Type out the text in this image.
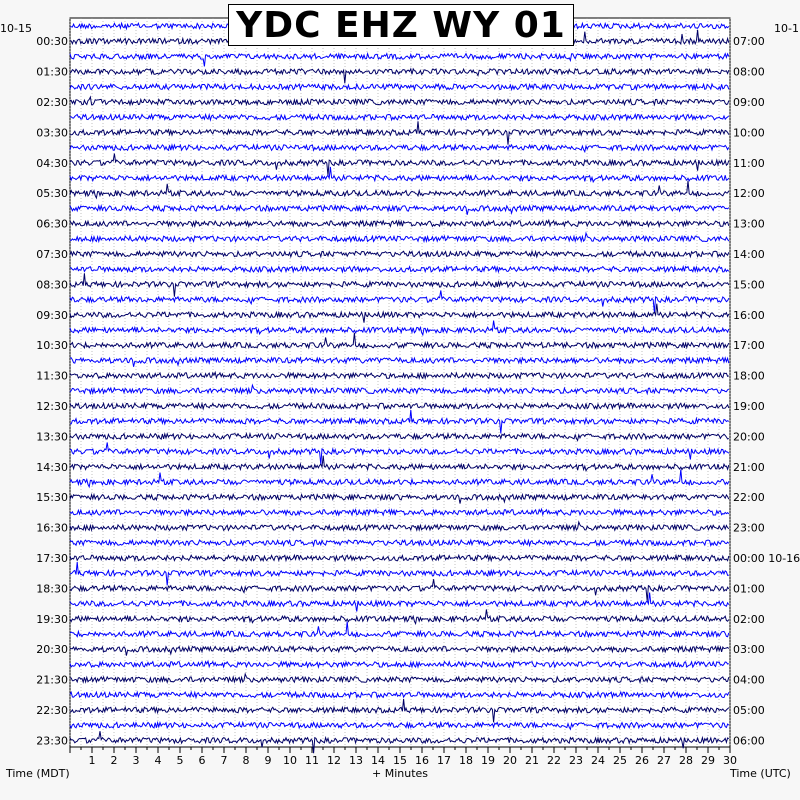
1 2 3 4 5 6 7 8 9 10 11 12 13 14 15 16 17 18 19 20 21 22 23 24 25 26 27 28 29 30
00:30
01:30
02:30
03:30
04:30
05:30
06:30
07:30
08:30
09:30
10:30
11:30
12:30
13:30
14:30
15:30
16:30
17:30
18:30
19:30
20:30
21:30
22:30
23:30
07:00
08:00
09:00
10:00
11:00
12:00
13:00
14:00
15:00
16:00
17:00
18:00
19:00
20:00
21:00
22:00
23:00
00:00 10-16
01:00
02:00
03:00
04:00
05:00
06:00
10-15	10-1
+ Minutes
Time (MDT)	Time (UTC)
YDC EHZ WY 01
